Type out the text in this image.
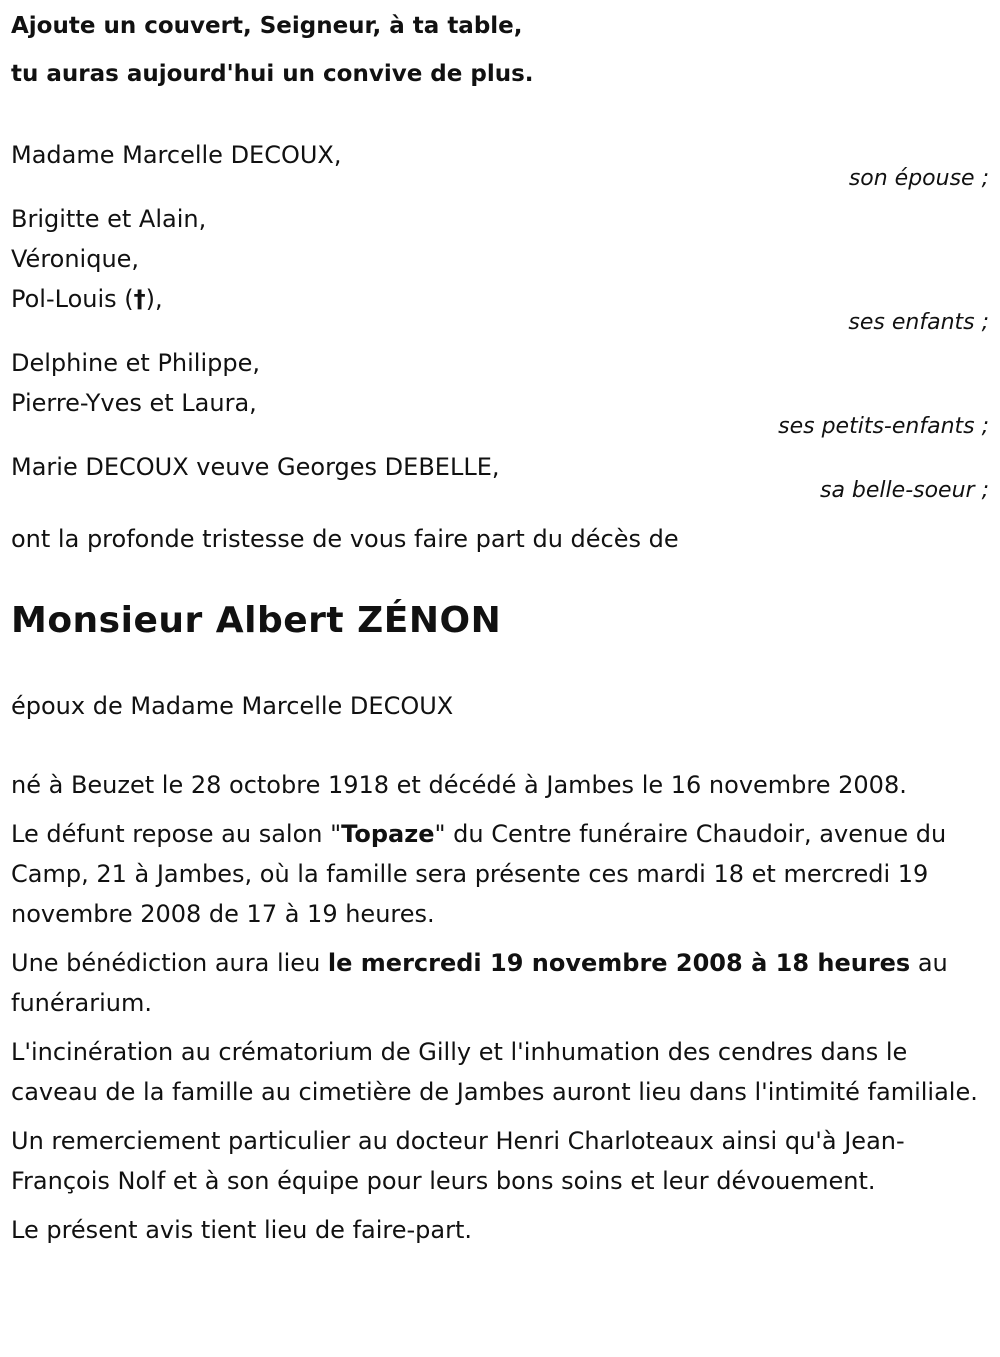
Ajoute un couvert, Seigneur, à ta table,
tu auras aujourd'hui un convive de plus.
Madame Marcelle DECOUX,
son épouse ;
Brigitte et Alain,
Véronique,
Pol-Louis (†),
ses enfants ;
Delphine et Philippe,
Pierre-Yves et Laura,
ses petits-enfants ;
Marie DECOUX veuve Georges DEBELLE,
sa belle-soeur ;
ont la profonde tristesse de vous faire part du décès de
Monsieur Albert ZÉNON
époux de Madame Marcelle DECOUX

né à Beuzet le 28 octobre 1918 et décédé à Jambes le 16 novembre 2008.

Le défunt repose au salon "Topaze" du Centre funéraire Chaudoir, avenue du Camp, 21 à Jambes, où la famille sera présente ces mardi 18 et mercredi 19 novembre 2008 de 17 à 19 heures.

Une bénédiction aura lieu le mercredi 19 novembre 2008 à 18 heures au funérarium.

L'incinération au crématorium de Gilly et l'inhumation des cendres dans le caveau de la famille au cimetière de Jambes auront lieu dans l'intimité familiale.

Un remerciement particulier au docteur Henri Charloteaux ainsi qu'à Jean-François Nolf et à son équipe pour leurs bons soins et leur dévouement.

Le présent avis tient lieu de faire-part.
